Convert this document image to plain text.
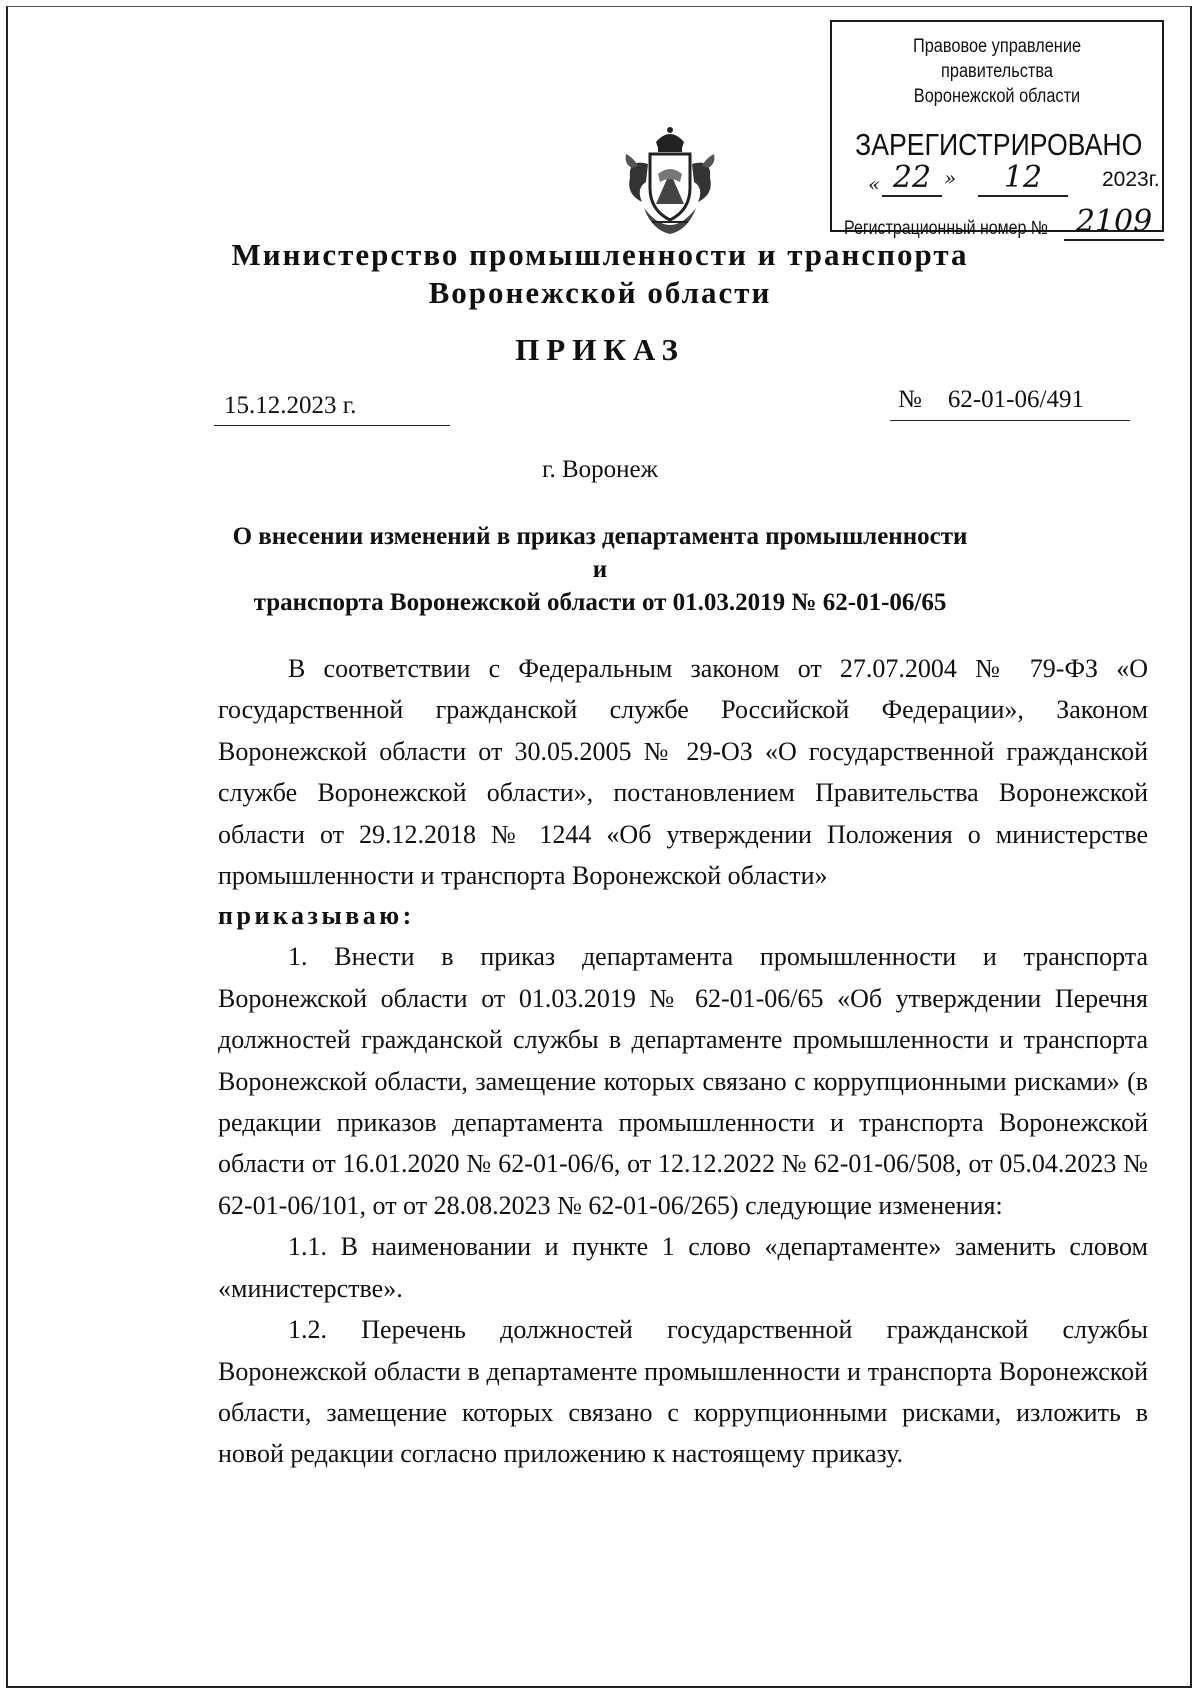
Правовое управление правительства
Воронежской области
ЗАРЕГИСТРИРОВАНО
« 22 »	12	2023г.
Регистрационный номер № 2109
Министерство промышленности и транспорта
Воронежской области
ПРИКАЗ
15.12.2023 г.	№ 62-01-06/491
г. Воронеж
О внесении изменений в приказ департамента промышленности и
транспорта Воронежской области от 01.03.2019 № 62-01-06/65

В соответствии с Федеральным законом от 27.07.2004 № 79-ФЗ «О государственной гражданской службе Российской Федерации», Законом Воронежской области от 30.05.2005 № 29-ОЗ «О государственной гражданской службе Воронежской области», постановлением Правительства Воронежской области от 29.12.2018 № 1244 «Об утверждении Положения о министерстве промышленности и транспорта Воронежской области»

приказываю:

1. Внести в приказ департамента промышленности и транспорта Воронежской области от 01.03.2019 № 62-01-06/65 «Об утверждении Перечня должностей гражданской службы в департаменте промышленности и транспорта Воронежской области, замещение которых связано с коррупционными рисками» (в редакции приказов департамента промышленности и транспорта Воронежской области от 16.01.2020 № 62-01-06/6, от 12.12.2022 № 62-01-06/508, от 05.04.2023 № 62-01-06/101, от от 28.08.2023 № 62-01-06/265) следующие изменения:

1.1. В наименовании и пункте 1 слово «департаменте» заменить словом «министерстве».

1.2. Перечень должностей государственной гражданской службы Воронежской области в департаменте промышленности и транспорта Воронежской области, замещение которых связано с коррупционными рисками, изложить в новой редакции согласно приложению к настоящему приказу.
